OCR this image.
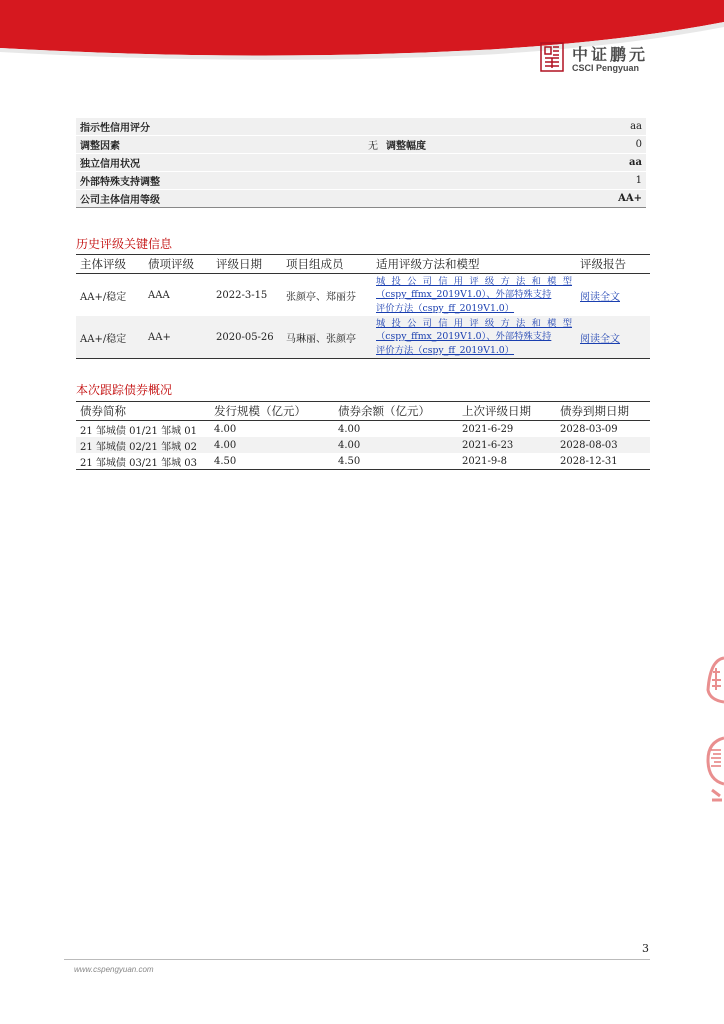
中证鹏元
CSCI Pengyuan
指示性信用评分			aa
调整因素	无	调整幅度	0
独立信用状况			aa
外部特殊支持调整			1
公司主体信用等级			AA+
历史评级关键信息
主体评级	债项评级	评级日期	项目组成员	适用评级方法和模型	评级报告
AA+/稳定	AAA	2022-3-15	张颜亭、郑丽芬	城投公司信用评级方法和模型
（cspy_ffmx_2019V1.0）、外部特殊支持
评价方法（cspy_ff_2019V1.0）	阅读全文
AA+/稳定	AA+	2020-05-26	马琳丽、张颜亭	城投公司信用评级方法和模型
（cspy_ffmx_2019V1.0）、外部特殊支持
评价方法（cspy_ff_2019V1.0）	阅读全文
本次跟踪债券概况
债券简称	发行规模（亿元）	债券余额（亿元）	上次评级日期	债券到期日期
21 邹城债 01/21 邹城 01	4.00	4.00	2021-6-29	2028-03-09
21 邹城债 02/21 邹城 02	4.00	4.00	2021-6-23	2028-08-03
21 邹城债 03/21 邹城 03	4.50	4.50	2021-9-8	2028-12-31
3
www.cspengyuan.com
